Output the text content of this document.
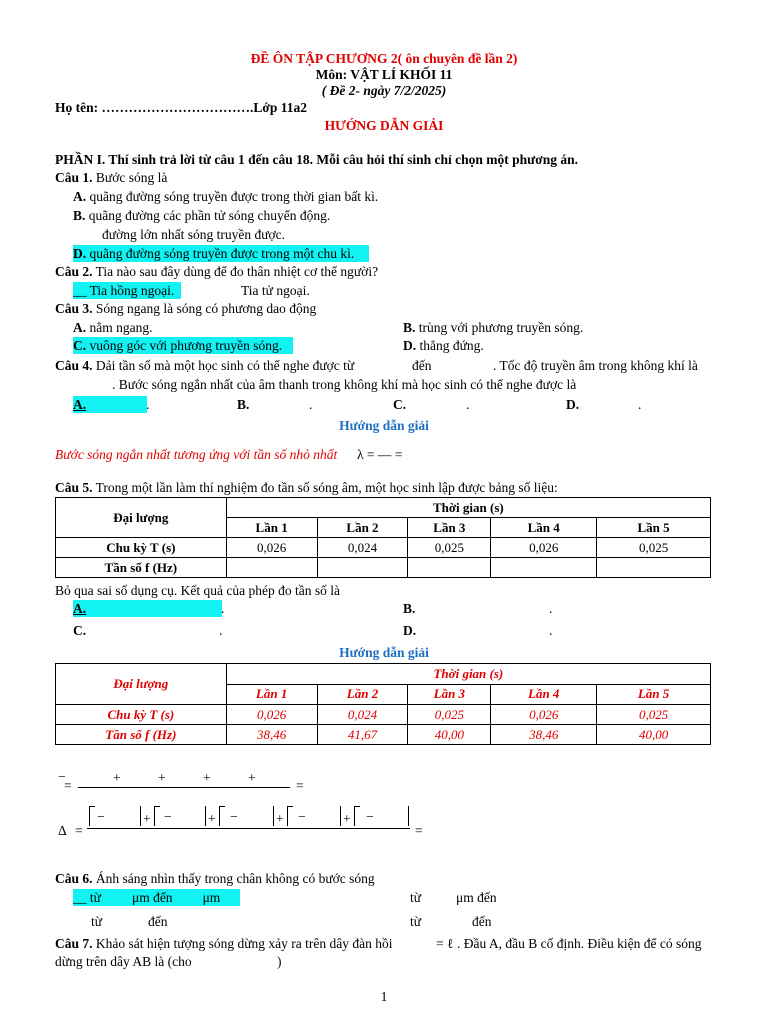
ĐỀ ÔN TẬP CHƯƠNG 2( ôn chuyên đề lần 2)
Môn: VẬT LÍ KHỐI 11
( Đề 2- ngày 7/2/2025)
Họ tên: …………………………….Lớp 11a2
HƯỚNG DẪN GIẢI
PHẦN I. Thí sinh trả lời từ câu 1 đến câu 18. Mỗi câu hỏi thí sinh chỉ chọn một phương án.
Câu 1. Bước sóng là
A. quãng đường sóng truyền được trong thời gian bất kì.
B. quãng đường các phần tử sóng chuyển động.
đường lớn nhất sóng truyền được.
D. quãng đường sóng truyền được trong một chu kì.
Câu 2. Tia nào sau đây dùng để đo thân nhiệt cơ thể người?
__ Tia hồng ngoại.	Tia tử ngoại.
Câu 3. Sóng ngang là sóng có phương dao động
A. nằm ngang.	B. trùng với phương truyền sóng.
C. vuông góc với phương truyền sóng.	D. thẳng đứng.
Câu 4. Dải tần số mà một học sinh có thể nghe được từ	đến	. Tốc độ truyền âm trong không khí là
. Bước sóng ngắn nhất của âm thanh trong không khí mà học sinh có thể nghe được là
A.	.	B.	.	C.	.	D.	.
Hướng dẫn giải
Bước sóng ngắn nhất tương ứng với tần số nhỏ nhất λ = — =
Câu 5. Trong một lần làm thí nghiệm đo tần số sóng âm, một học sinh lập được bảng số liệu:
Đại lượng	Thời gian (s)				
	Lần 1	Lần 2	Lần 3	Lần 4	Lần 5
Chu kỳ T (s)	0,026	0,024	0,025	0,026	0,025
Tần số f (Hz)					
Bỏ qua sai số dụng cụ. Kết quả của phép đo tần số là
A.	.	B.	.
C.	.	D.	.
Hướng dẫn giải
Đại lượng	Thời gian (s)				
	Lần 1	Lần 2	Lần 3	Lần 4	Lần 5
Chu kỳ T (s)	0,026	0,024	0,025	0,026	0,025
Tần số f (Hz)	38,46	41,67	40,00	38,46	40,00
−
=
+	+	+	+
=
Δ =
−	+ −	+ −	+ −	+ −
=
Câu 6. Ánh sáng nhìn thấy trong chân không có bước sóng
__ từ μm đến μm	từ	μm đến
từ	đến	từ	đến
Câu 7. Khảo sát hiện tượng sóng dừng xảy ra trên dây đàn hồi	= ℓ . Đầu A, đầu B cố định. Điều kiện để có sóng
dừng trên dây AB là (cho	)
1
